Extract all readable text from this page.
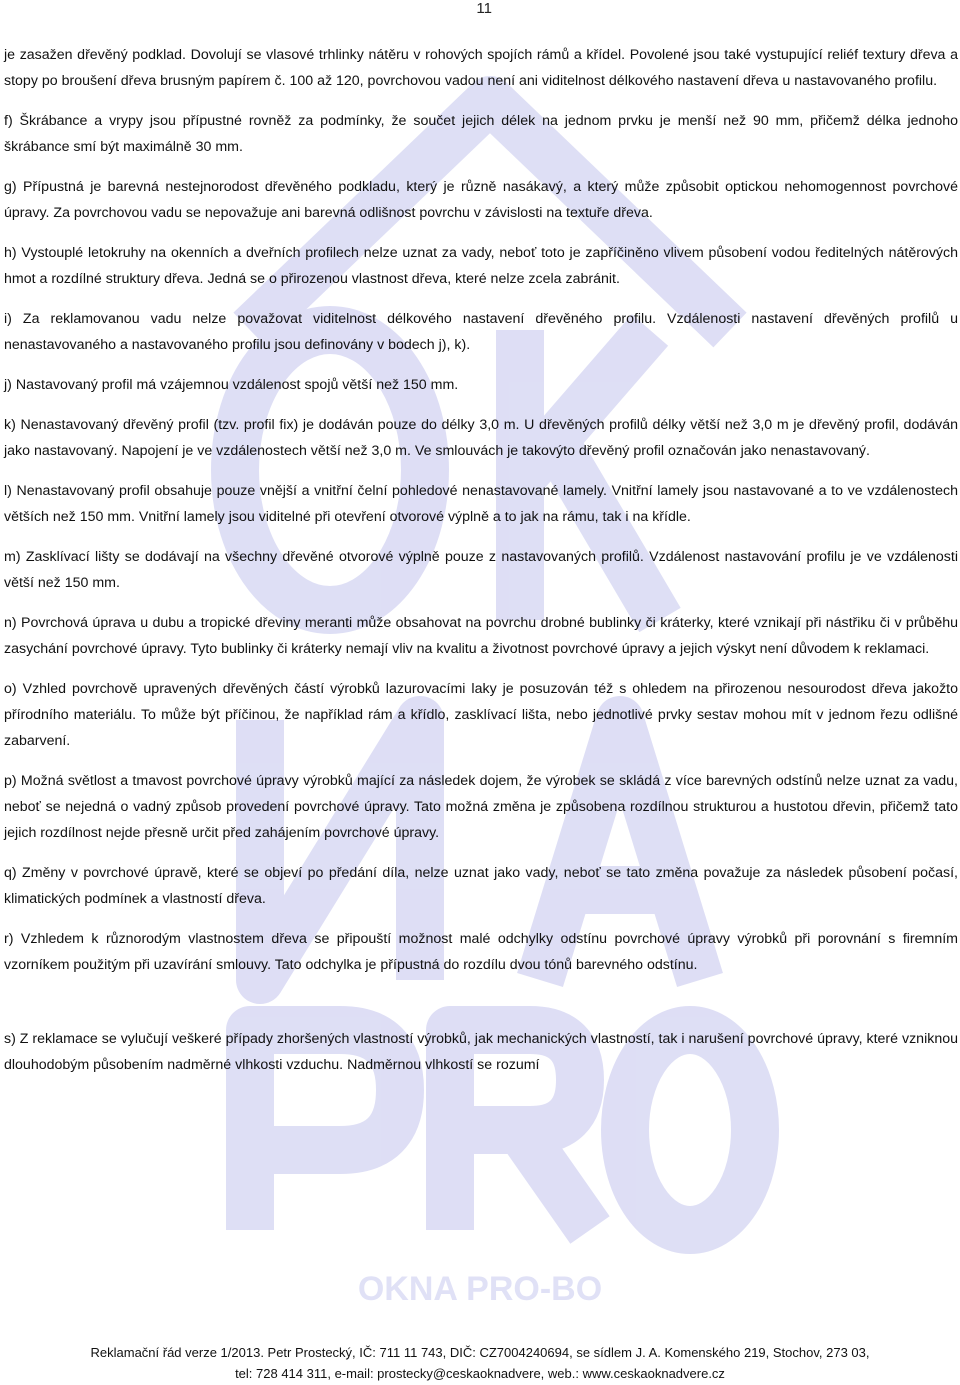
OKNA PRO-BO
11

je zasažen dřevěný podklad. Dovolují se vlasové trhlinky nátěru v rohových spojích rámů a křídel. Povolené jsou také vystupující reliéf textury dřeva a stopy po broušení dřeva brusným papírem č. 100 až 120, povrchovou vadou není ani viditelnost délkového nastavení dřeva u nastavovaného profilu.

f) Škrábance a vrypy jsou přípustné rovněž za podmínky, že součet jejich délek na jednom prvku je menší než 90 mm, přičemž délka jednoho škrábance smí být maximálně 30 mm.

g) Přípustná je barevná nestejnorodost dřevěného podkladu, který je různě nasákavý, a který může způsobit optickou nehomogennost povrchové úpravy. Za povrchovou vadu se nepovažuje ani barevná odlišnost povrchu v závislosti na textuře dřeva.

h) Vystouplé letokruhy na okenních a dveřních profilech nelze uznat za vady, neboť toto je zapříčiněno vlivem působení vodou ředitelných nátěrových hmot a rozdílné struktury dřeva. Jedná se o přirozenou vlastnost dřeva, které nelze zcela zabránit.

i) Za reklamovanou vadu nelze považovat viditelnost délkového nastavení dřevěného profilu. Vzdálenosti nastavení dřevěných profilů u nenastavovaného a nastavovaného profilu jsou definovány v bodech j), k).

j) Nastavovaný profil má vzájemnou vzdálenost spojů větší než 150 mm.

k) Nenastavovaný dřevěný profil (tzv. profil fix) je dodáván pouze do délky 3,0 m. U dřevěných profilů délky větší než 3,0 m je dřevěný profil, dodáván jako nastavovaný. Napojení je ve vzdálenostech větší než 3,0 m. Ve smlouvách je takovýto dřevěný profil označován jako nenastavovaný.

l) Nenastavovaný profil obsahuje pouze vnější a vnitřní čelní pohledové nenastavované lamely. Vnitřní lamely jsou nastavované a to ve vzdálenostech větších než 150 mm. Vnitřní lamely jsou viditelné při otevření otvorové výplně a to jak na rámu, tak i na křídle.

m) Zasklívací lišty se dodávají na všechny dřevěné otvorové výplně pouze z nastavovaných profilů. Vzdálenost nastavování profilu je ve vzdálenosti větší než 150 mm.

n) Povrchová úprava u dubu a tropické dřeviny meranti může obsahovat na povrchu drobné bublinky či kráterky, které vznikají při nástřiku či v průběhu zasychání povrchové úpravy. Tyto bublinky či kráterky nemají vliv na kvalitu a životnost povrchové úpravy a jejich výskyt není důvodem k reklamaci.

o) Vzhled povrchově upravených dřevěných částí výrobků lazurovacími laky je posuzován též s ohledem na přirozenou nesourodost dřeva jakožto přírodního materiálu. To může být příčinou, že například rám a křídlo, zasklívací lišta, nebo jednotlivé prvky sestav mohou mít v jednom řezu odlišné zabarvení.

p) Možná světlost a tmavost povrchové úpravy výrobků mající za následek dojem, že výrobek se skládá z více barevných odstínů nelze uznat za vadu, neboť se nejedná o vadný způsob provedení povrchové úpravy. Tato možná změna je způsobena rozdílnou strukturou a hustotou dřevin, přičemž tato jejich rozdílnost nejde přesně určit před zahájením povrchové úpravy.

q) Změny v povrchové úpravě, které se objeví po předání díla, nelze uznat jako vady, neboť se tato změna považuje za následek působení počasí, klimatických podmínek a vlastností dřeva.

r) Vzhledem k různorodým vlastnostem dřeva se připouští možnost malé odchylky odstínu povrchové úpravy výrobků při porovnání s firemním vzorníkem použitým při uzavírání smlouvy. Tato odchylka je přípustná do rozdílu dvou tónů barevného odstínu.

s) Z reklamace se vylučují veškeré případy zhoršených vlastností výrobků, jak mechanických vlastností, tak i narušení povrchové úpravy, které vzniknou dlouhodobým působením nadměrné vlhkosti vzduchu. Nadměrnou vlhkostí se rozumí

Reklamační řád verze 1/2013. Petr Prostecký, IČ: 711 11 743, DIČ: CZ7004240694, se sídlem J. A. Komenského 219, Stochov, 273 03,
tel: 728 414 311, e-mail: prostecky@ceskaoknadvere, web.: www.ceskaoknadvere.cz
